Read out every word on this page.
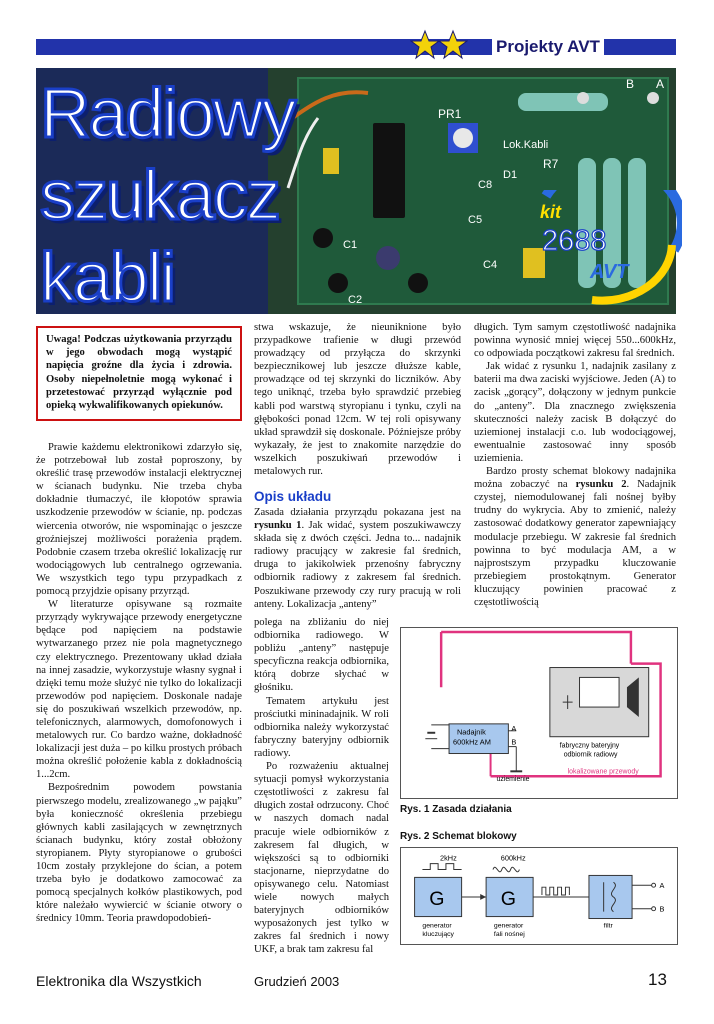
Projekty AVT
PR1
B A
Lok.Kabli
R7
C8
D1
C1
C2
C4
C5
Radiowy
szukacz
kabli
kit
2688
AVT
Uwaga! Podczas użytkowania przyrządu w jego obwodach mogą wystąpić napięcia groźne dla życia i zdrowia. Osoby niepełnoletnie mogą wykonać i przetestować przyrząd wyłącznie pod opieką wykwalifikowanych opiekunów.

Prawie każdemu elektronikowi zdarzyło się, że potrzebował lub został poproszony, by określić trasę przewodów instalacji elektrycznej w ścianach budynku. Nie trzeba chyba dokładnie tłumaczyć, ile kłopotów sprawia uszkodzenie przewodów w ścianie, np. podczas wiercenia otworów, nie wspominając o jeszcze groźniejszej możliwości porażenia prądem. Podobnie czasem trzeba określić lokalizację rur wodociągowych lub centralnego ogrzewania. We wszystkich tego typu przypadkach z pomocą przyjdzie opisany przyrząd.

W literaturze opisywane są rozmaite przyrządy wykrywające przewody energetyczne będące pod napięciem na podstawie wytwarzanego przez nie pola magnetycznego czy elektrycznego. Prezentowany układ działa na innej zasadzie, wykorzystuje własny sygnał i dzięki temu może służyć nie tylko do lokalizacji przewodów pod napięciem. Doskonale nadaje się do poszukiwań wszelkich przewodów, np. telefonicznych, alarmowych, domofonowych i metalowych rur. Co bardzo ważne, dokładność lokalizacji jest duża – po kilku prostych próbach można określić położenie kabla z dokładnością 1...2cm.

Bezpośrednim powodem powstania pierwszego modelu, zrealizowanego „w pająku” była konieczność określenia przebiegu głównych kabli zasilających w zewnętrznych ścianach budynku, który został obłożony styropianem. Płyty styropianowe o grubości 10cm zostały przyklejone do ścian, a potem trzeba było je dodatkowo zamocować za pomocą specjalnych kołków plastikowych, pod które należało wywiercić w ścianie otwory o średnicy 10mm. Teoria prawdopodobień-

stwa wskazuje, że nieuniknione było przypadkowe trafienie w długi przewód prowadzący od przyłącza do skrzynki bezpiecznikowej lub jeszcze dłuższe kable, prowadzące od tej skrzynki do liczników. Aby tego uniknąć, trzeba było sprawdzić przebieg kabli pod warstwą styropianu i tynku, czyli na głębokości ponad 12cm. W tej roli opisywany układ sprawdził się doskonale. Późniejsze próby wykazały, że jest to znakomite narzędzie do wszelkich poszukiwań przewodów i metalowych rur.

Opis układu

Zasada działania przyrządu pokazana jest na rysunku 1. Jak widać, system poszukiwawczy składa się z dwóch części. Jedna to... nadajnik radiowy pracujący w zakresie fal średnich, druga to jakikolwiek przenośny fabryczny odbiornik radiowy z zakresem fal średnich. Poszukiwane przewody czy rury pracują w roli anteny. Lokalizacja „anteny”

polega na zbliżaniu do niej odbiornika radiowego. W pobliżu „anteny” następuje specyficzna reakcja odbiornika, którą dobrze słychać w głośniku.

Tematem artykułu jest prościutki mininadajnik. W roli odbiornika należy wykorzystać fabryczny bateryjny odbiornik radiowy.

Po rozważeniu aktualnej sytuacji pomysł wykorzystania częstotliwości z zakresu fal długich został odrzucony. Choć w naszych domach nadal pracuje wiele odbiorników z zakresem fal długich, w większości są to odbiorniki stacjonarne, nieprzydatne do opisywanego celu. Natomiast wiele nowych małych bateryjnych odbiorników wyposażonych jest tylko w zakres fal średnich i nowy UKF, a brak tam zakresu fal

długich. Tym samym częstotliwość nadajnika powinna wynosić mniej więcej 550...600kHz, co odpowiada początkowi zakresu fal średnich.

Jak widać z rysunku 1, nadajnik zasilany z baterii ma dwa zaciski wyjściowe. Jeden (A) to zacisk „gorący”, dołączony w jednym punkcie do „anteny”. Dla znacznego zwiększenia skuteczności należy zacisk B dołączyć do uziemionej instalacji c.o. lub wodociągowej, ewentualnie zastosować inny sposób uziemienia.

Bardzo prosty schemat blokowy nadajnika można zobaczyć na rysunku 2. Nadajnik czystej, niemodulowanej fali nośnej byłby trudny do wykrycia. Aby to zmienić, należy zastosować dodatkowy generator zapewniający modulacje przebiegu. W zakresie fal średnich powinna to być modulacja AM, a w najprostszym przypadku kluczowanie przebiegiem prostokątnym. Generator kluczujący powinien pracować z częstotliwością

Nadajnik
600kHz AM
A
B
uziemienie
fabryczny bateryjny
odbiornik radiowy
lokalizowane przewody
Rys. 1 Zasada działania
Rys. 2 Schemat blokowy
2kHz	600kHz
G	G
A
B
generator
kluczujący
generator
fali nośnej
filtr
Elektronika dla Wszystkich	Grudzień 2003	13
